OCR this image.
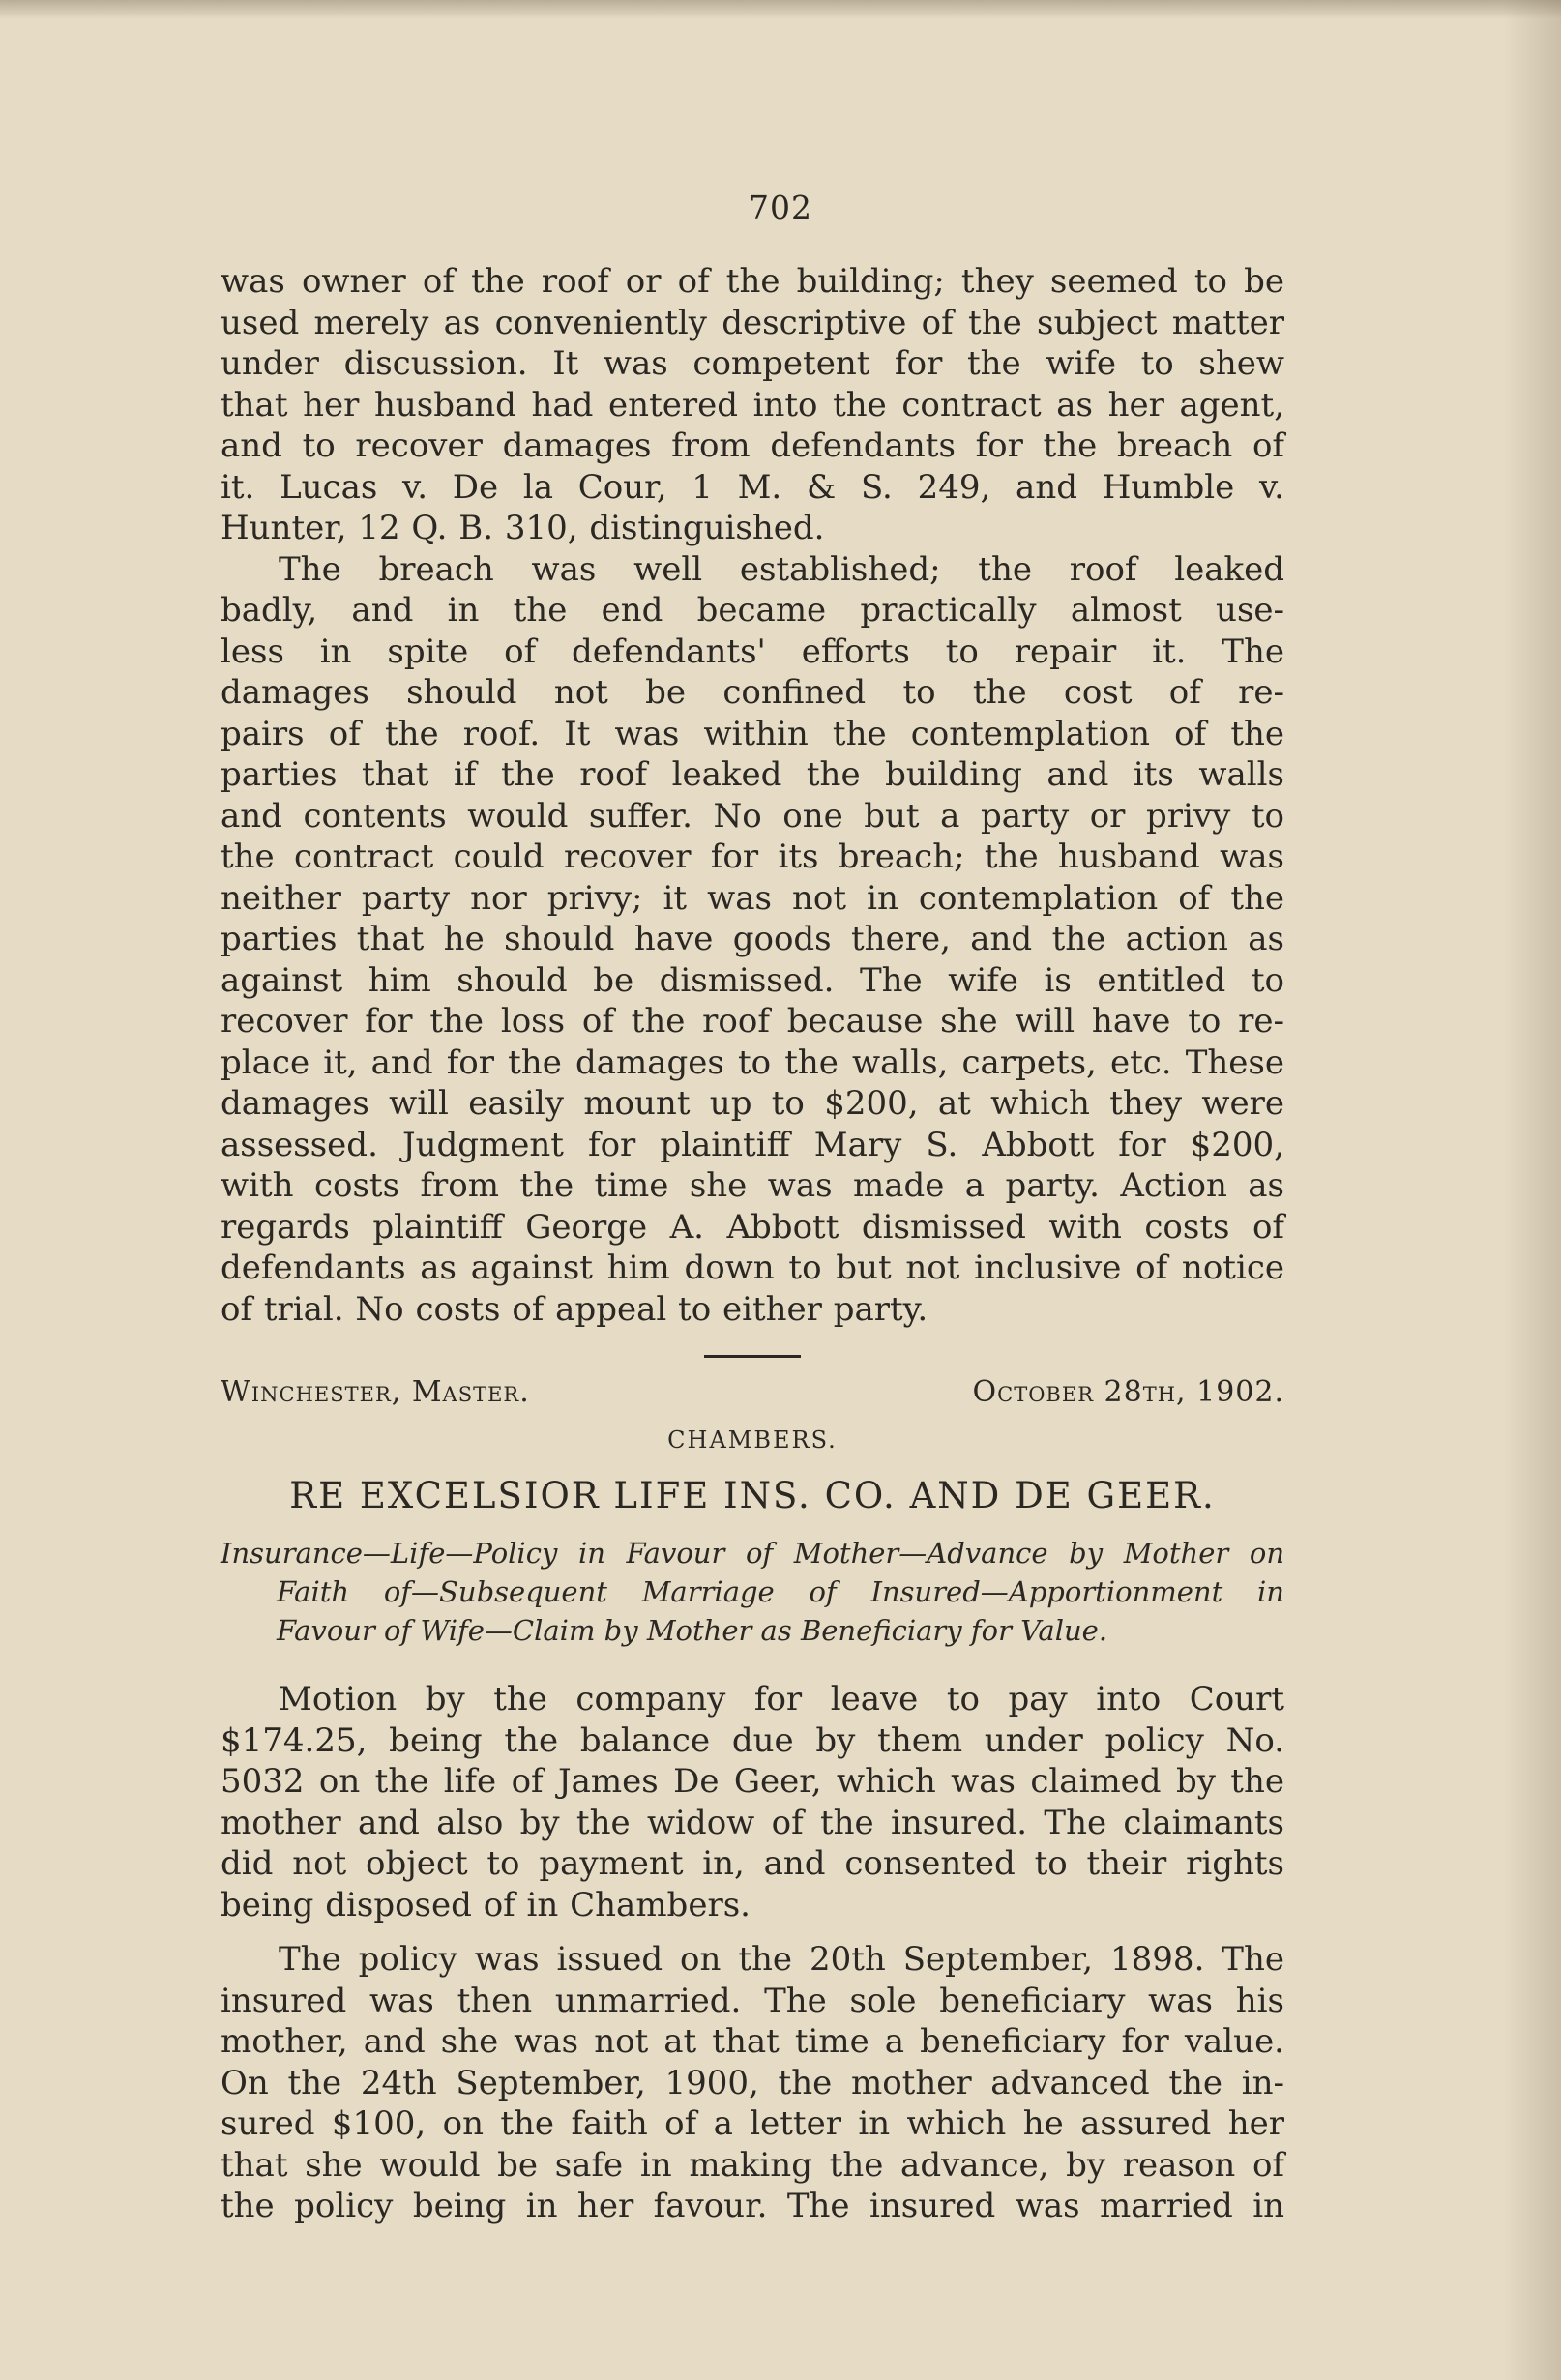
702

was owner of the roof or of the building; they seemed to be
used merely as conveniently descriptive of the subject matter
under discussion. It was competent for the wife to shew
that her husband had entered into the contract as her agent,
and to recover damages from defendants for the breach of
it. Lucas v. De la Cour, 1 M. & S. 249, and Humble v.
Hunter, 12 Q. B. 310, distinguished.

The breach was well established; the roof leaked
badly, and in the end became practically almost use-
less in spite of defendants' efforts to repair it. The
damages should not be confined to the cost of re-
pairs of the roof. It was within the contemplation of the
parties that if the roof leaked the building and its walls
and contents would suffer. No one but a party or privy to
the contract could recover for its breach; the husband was
neither party nor privy; it was not in contemplation of the
parties that he should have goods there, and the action as
against him should be dismissed. The wife is entitled to
recover for the loss of the roof because she will have to re-
place it, and for the damages to the walls, carpets, etc. These
damages will easily mount up to $200, at which they were
assessed. Judgment for plaintiff Mary S. Abbott for $200,
with costs from the time she was made a party. Action as
regards plaintiff George A. Abbott dismissed with costs of
defendants as against him down to but not inclusive of notice
of trial. No costs of appeal to either party.

Winchester, Master.	October 28th, 1902.
CHAMBERS.
RE EXCELSIOR LIFE INS. CO. AND DE GEER.
Insurance—Life—Policy in Favour of Mother—Advance by Mother on
Faith of—Subsequent Marriage of Insured—Apportionment in
Favour of Wife—Claim by Mother as Beneficiary for Value.

Motion by the company for leave to pay into Court
$174.25, being the balance due by them under policy No.
5032 on the life of James De Geer, which was claimed by the
mother and also by the widow of the insured. The claimants
did not object to payment in, and consented to their rights
being disposed of in Chambers.

The policy was issued on the 20th September, 1898. The
insured was then unmarried. The sole beneficiary was his
mother, and she was not at that time a beneficiary for value.
On the 24th September, 1900, the mother advanced the in-
sured $100, on the faith of a letter in which he assured her
that she would be safe in making the advance, by reason of
the policy being in her favour. The insured was married in
